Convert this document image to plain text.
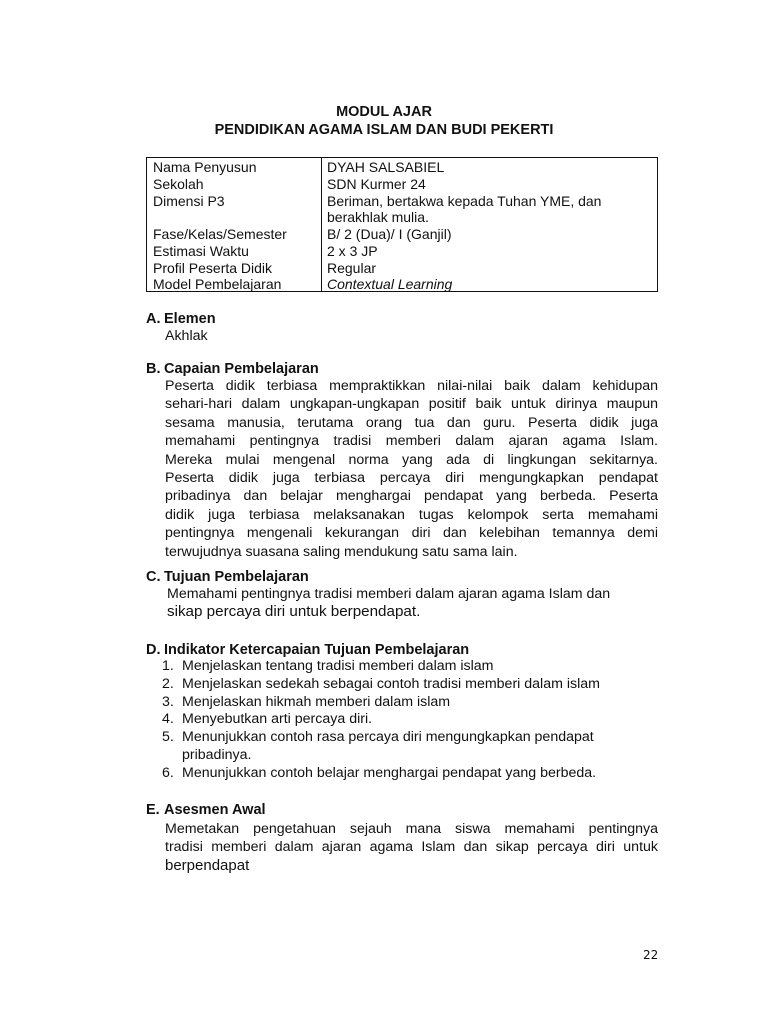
MODUL AJAR
PENDIDIKAN AGAMA ISLAM DAN BUDI PEKERTI
Nama Penyusun	DYAH SALSABIEL
Sekolah	SDN Kurmer 24
Dimensi P3	Beriman, bertakwa kepada Tuhan YME, dan
berakhlak mulia.
Fase/Kelas/Semester	B/ 2 (Dua)/ I (Ganjil)
Estimasi Waktu	2 x 3 JP
Profil Peserta Didik	Regular
Model Pembelajaran	Contextual Learning
A. Elemen
Akhlak
B. Capaian Pembelajaran
Peserta didik terbiasa mempraktikkan nilai-nilai baik dalam kehidupan
sehari-hari dalam ungkapan-ungkapan positif baik untuk dirinya maupun
sesama manusia, terutama orang tua dan guru. Peserta didik juga
memahami pentingnya tradisi memberi dalam ajaran agama Islam.
Mereka mulai mengenal norma yang ada di lingkungan sekitarnya.
Peserta didik juga terbiasa percaya diri mengungkapkan pendapat
pribadinya dan belajar menghargai pendapat yang berbeda. Peserta
didik juga terbiasa melaksanakan tugas kelompok serta memahami
pentingnya mengenali kekurangan diri dan kelebihan temannya demi
terwujudnya suasana saling mendukung satu sama lain.
C. Tujuan Pembelajaran
Memahami pentingnya tradisi memberi dalam ajaran agama Islam dan
sikap percaya diri untuk berpendapat.
D. Indikator Ketercapaian Tujuan Pembelajaran
1. Menjelaskan tentang tradisi memberi dalam islam
2. Menjelaskan sedekah sebagai contoh tradisi memberi dalam islam
3. Menjelaskan hikmah memberi dalam islam
4. Menyebutkan arti percaya diri.
5. Menunjukkan contoh rasa percaya diri mengungkapkan pendapat
pribadinya.
6. Menunjukkan contoh belajar menghargai pendapat yang berbeda.
E. Asesmen Awal
Memetakan pengetahuan sejauh mana siswa memahami pentingnya
tradisi memberi dalam ajaran agama Islam dan sikap percaya diri untuk
berpendapat
22
